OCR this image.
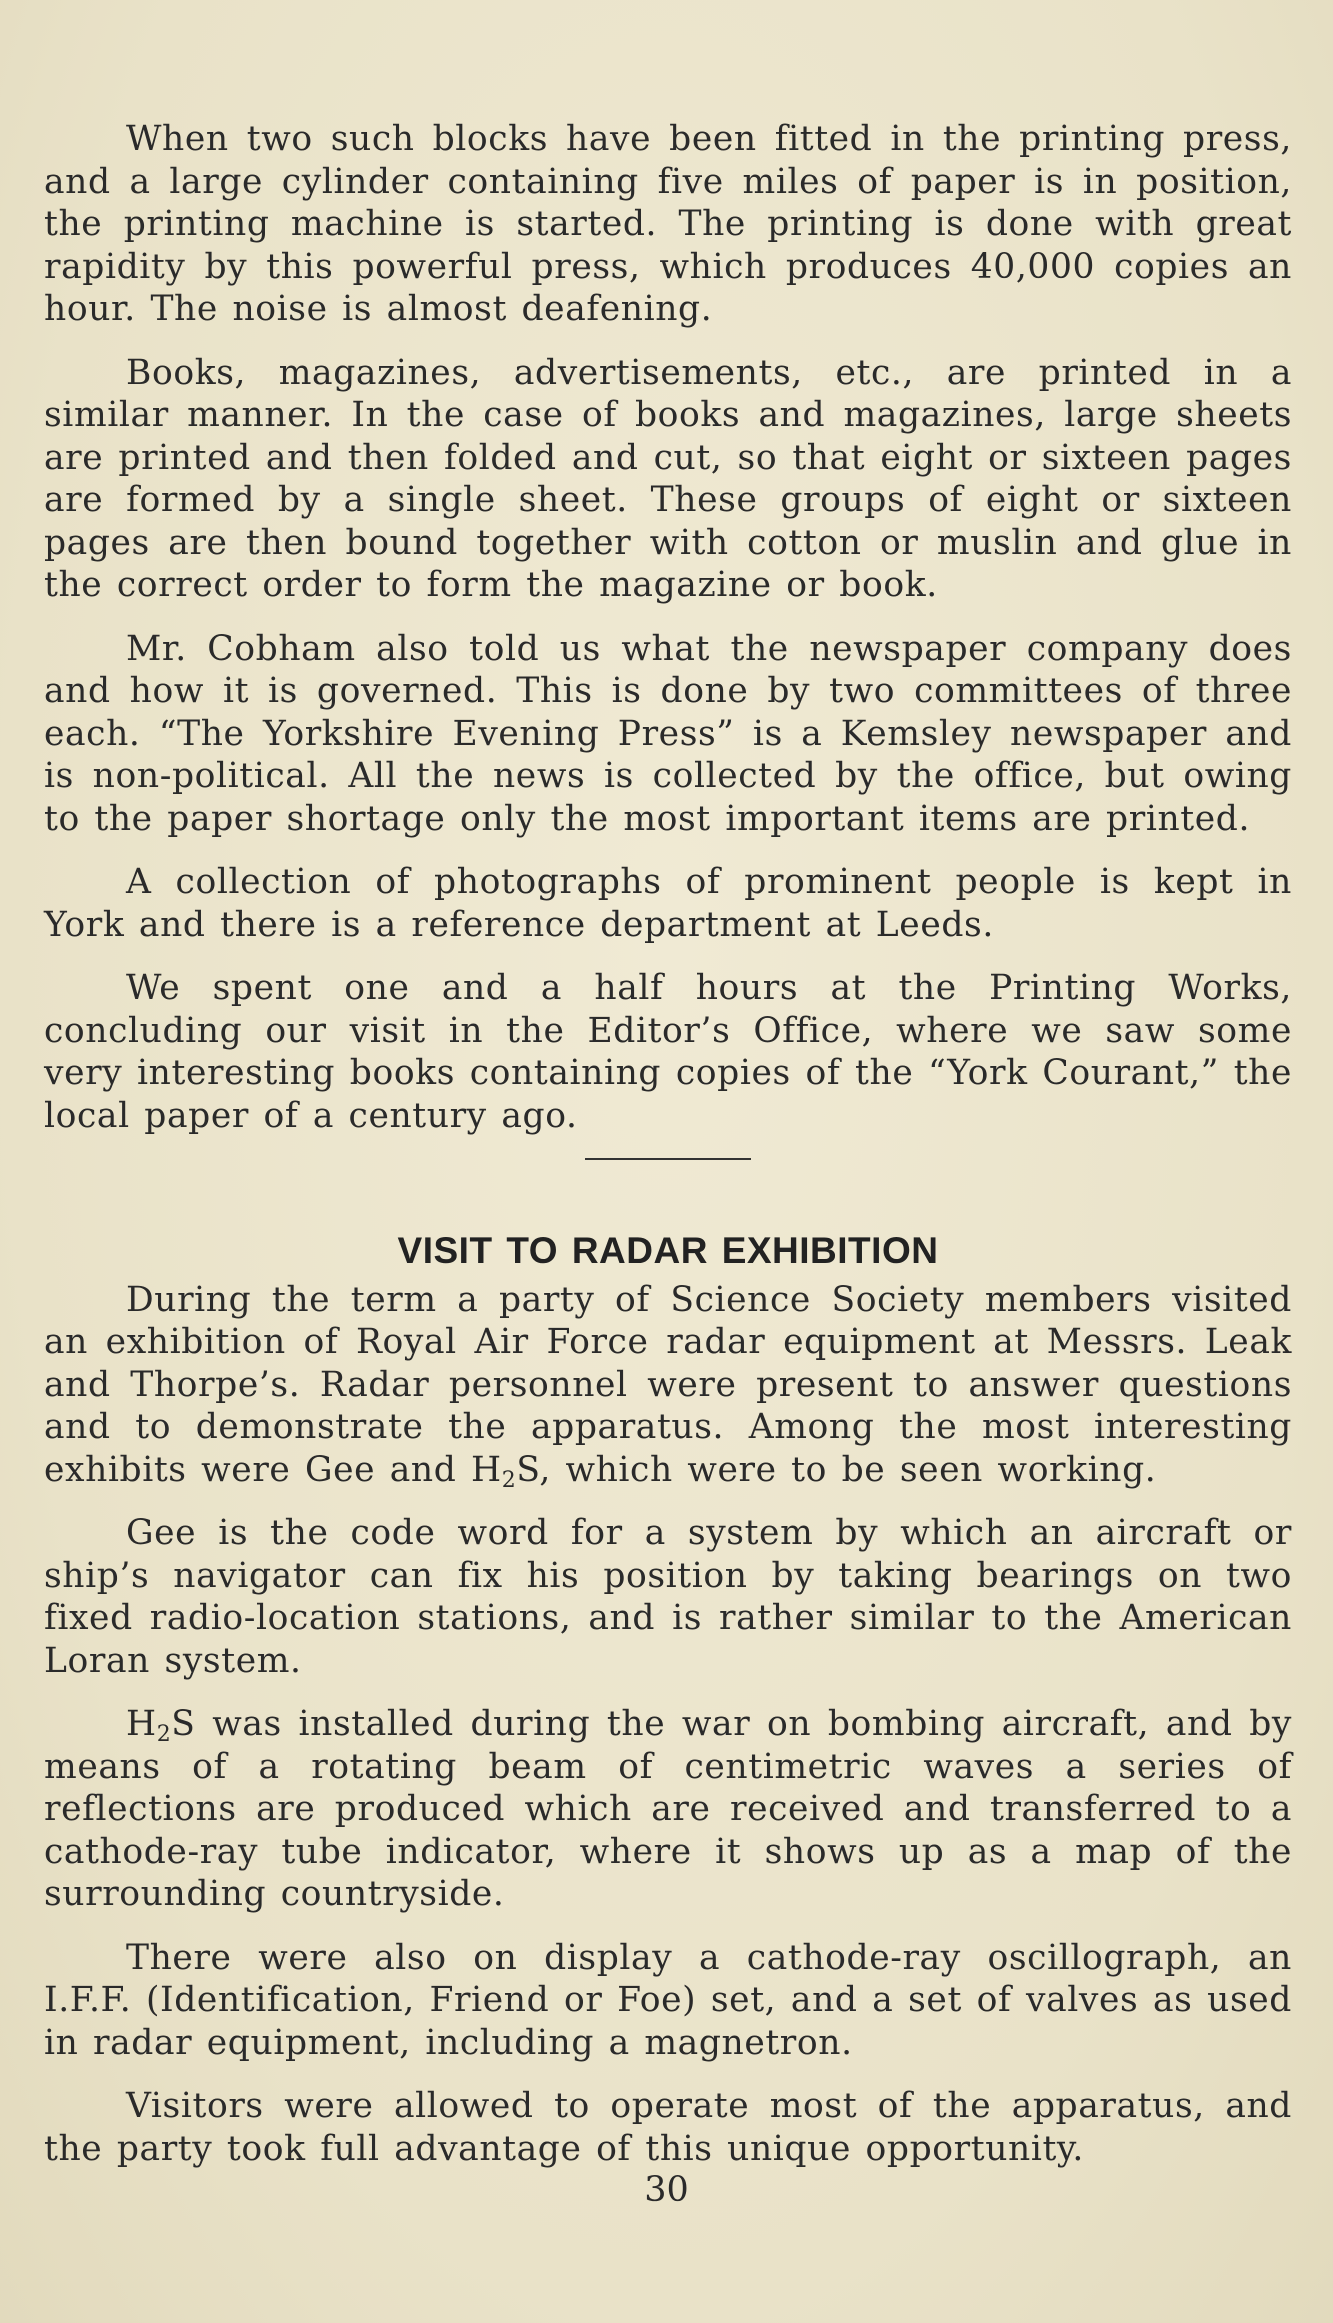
When two such blocks have been fitted in the printing press, and a large cylinder containing five miles of paper is in position, the printing machine is started. The printing is done with great rapidity by this powerful press, which produces 40,000 copies an hour. The noise is almost deafening.

Books, magazines, advertisements, etc., are printed in a similar manner. In the case of books and magazines, large sheets are printed and then folded and cut, so that eight or sixteen pages are formed by a single sheet. These groups of eight or sixteen pages are then bound together with cotton or muslin and glue in the correct order to form the magazine or book.

Mr. Cobham also told us what the newspaper company does and how it is governed. This is done by two committees of three each. “The Yorkshire Evening Press” is a Kemsley newspaper and is non-political. All the news is collected by the office, but owing to the paper shortage only the most important items are printed.

A collection of photographs of prominent people is kept in York and there is a reference department at Leeds.

We spent one and a half hours at the Printing Works, concluding our visit in the Editor’s Office, where we saw some very interesting books containing copies of the “York Courant,” the local paper of a century ago.

VISIT TO RADAR EXHIBITION

During the term a party of Science Society members visited an exhibition of Royal Air Force radar equipment at Messrs. Leak and Thorpe’s. Radar personnel were present to answer questions and to demonstrate the apparatus. Among the most interesting exhibits were Gee and $H_2S$, which were to be seen working.

Gee is the code word for a system by which an aircraft or ship’s navigator can fix his position by taking bearings on two fixed radio-location stations, and is rather similar to the American Loran system.

$H_2S$ was installed during the war on bombing aircraft, and by means of a rotating beam of centimetric waves a series of reflections are produced which are received and transferred to a cathode-ray tube indicator, where it shows up as a map of the surrounding countryside.

There were also on display a cathode-ray oscillograph, an I.F.F. (Identification, Friend or Foe) set, and a set of valves as used in radar equipment, including a magnetron.

Visitors were allowed to operate most of the apparatus, and the party took full advantage of this unique opportunity.

30
